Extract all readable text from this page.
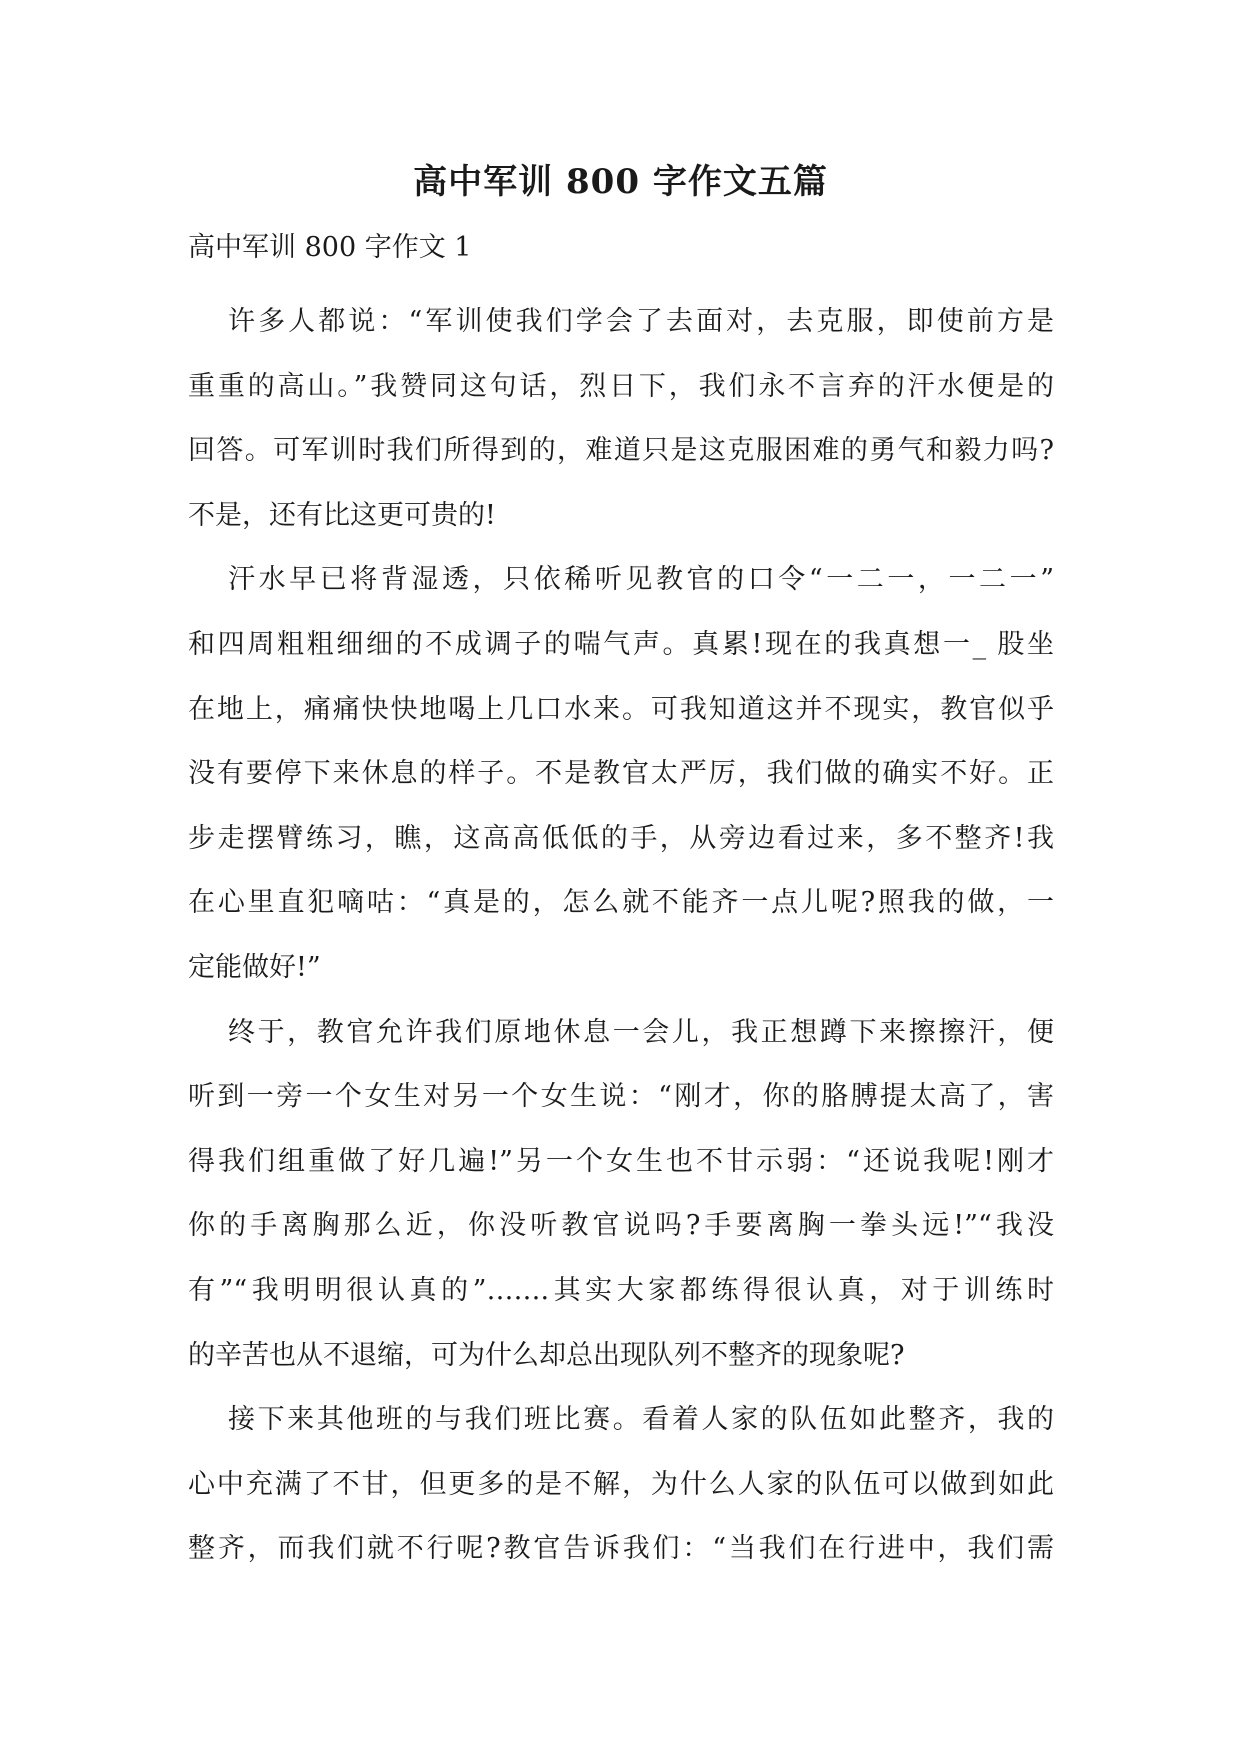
高中军训 800 字作文五篇
高中军训 800 字作文 1
许多人都说：“军训使我们学会了去面对，去克服，即使前方是
重重的高山。”我赞同这句话，烈日下，我们永不言弃的汗水便是的
回答。可军训时我们所得到的，难道只是这克服困难的勇气和毅力吗?
不是，还有比这更可贵的!
汗水早已将背湿透，只依稀听见教官的口令“一二一，一二一”
和四周粗粗细细的不成调子的喘气声。真累!现在的我真想一_ 股坐
在地上，痛痛快快地喝上几口水来。可我知道这并不现实，教官似乎
没有要停下来休息的样子。不是教官太严厉，我们做的确实不好。正
步走摆臂练习，瞧，这高高低低的手，从旁边看过来，多不整齐!我
在心里直犯嘀咕：“真是的，怎么就不能齐一点儿呢?照我的做，一
定能做好!”
终于，教官允许我们原地休息一会儿，我正想蹲下来擦擦汗，便
听到一旁一个女生对另一个女生说：“刚才，你的胳膊提太高了，害
得我们组重做了好几遍!”另一个女生也不甘示弱：“还说我呢!刚才
你的手离胸那么近，你没听教官说吗?手要离胸一拳头远!”“我没
有”“我明明很认真的”…….其实大家都练得很认真，对于训练时
的辛苦也从不退缩，可为什么却总出现队列不整齐的现象呢?
接下来其他班的与我们班比赛。看着人家的队伍如此整齐，我的
心中充满了不甘，但更多的是不解，为什么人家的队伍可以做到如此
整齐，而我们就不行呢?教官告诉我们：“当我们在行进中，我们需
